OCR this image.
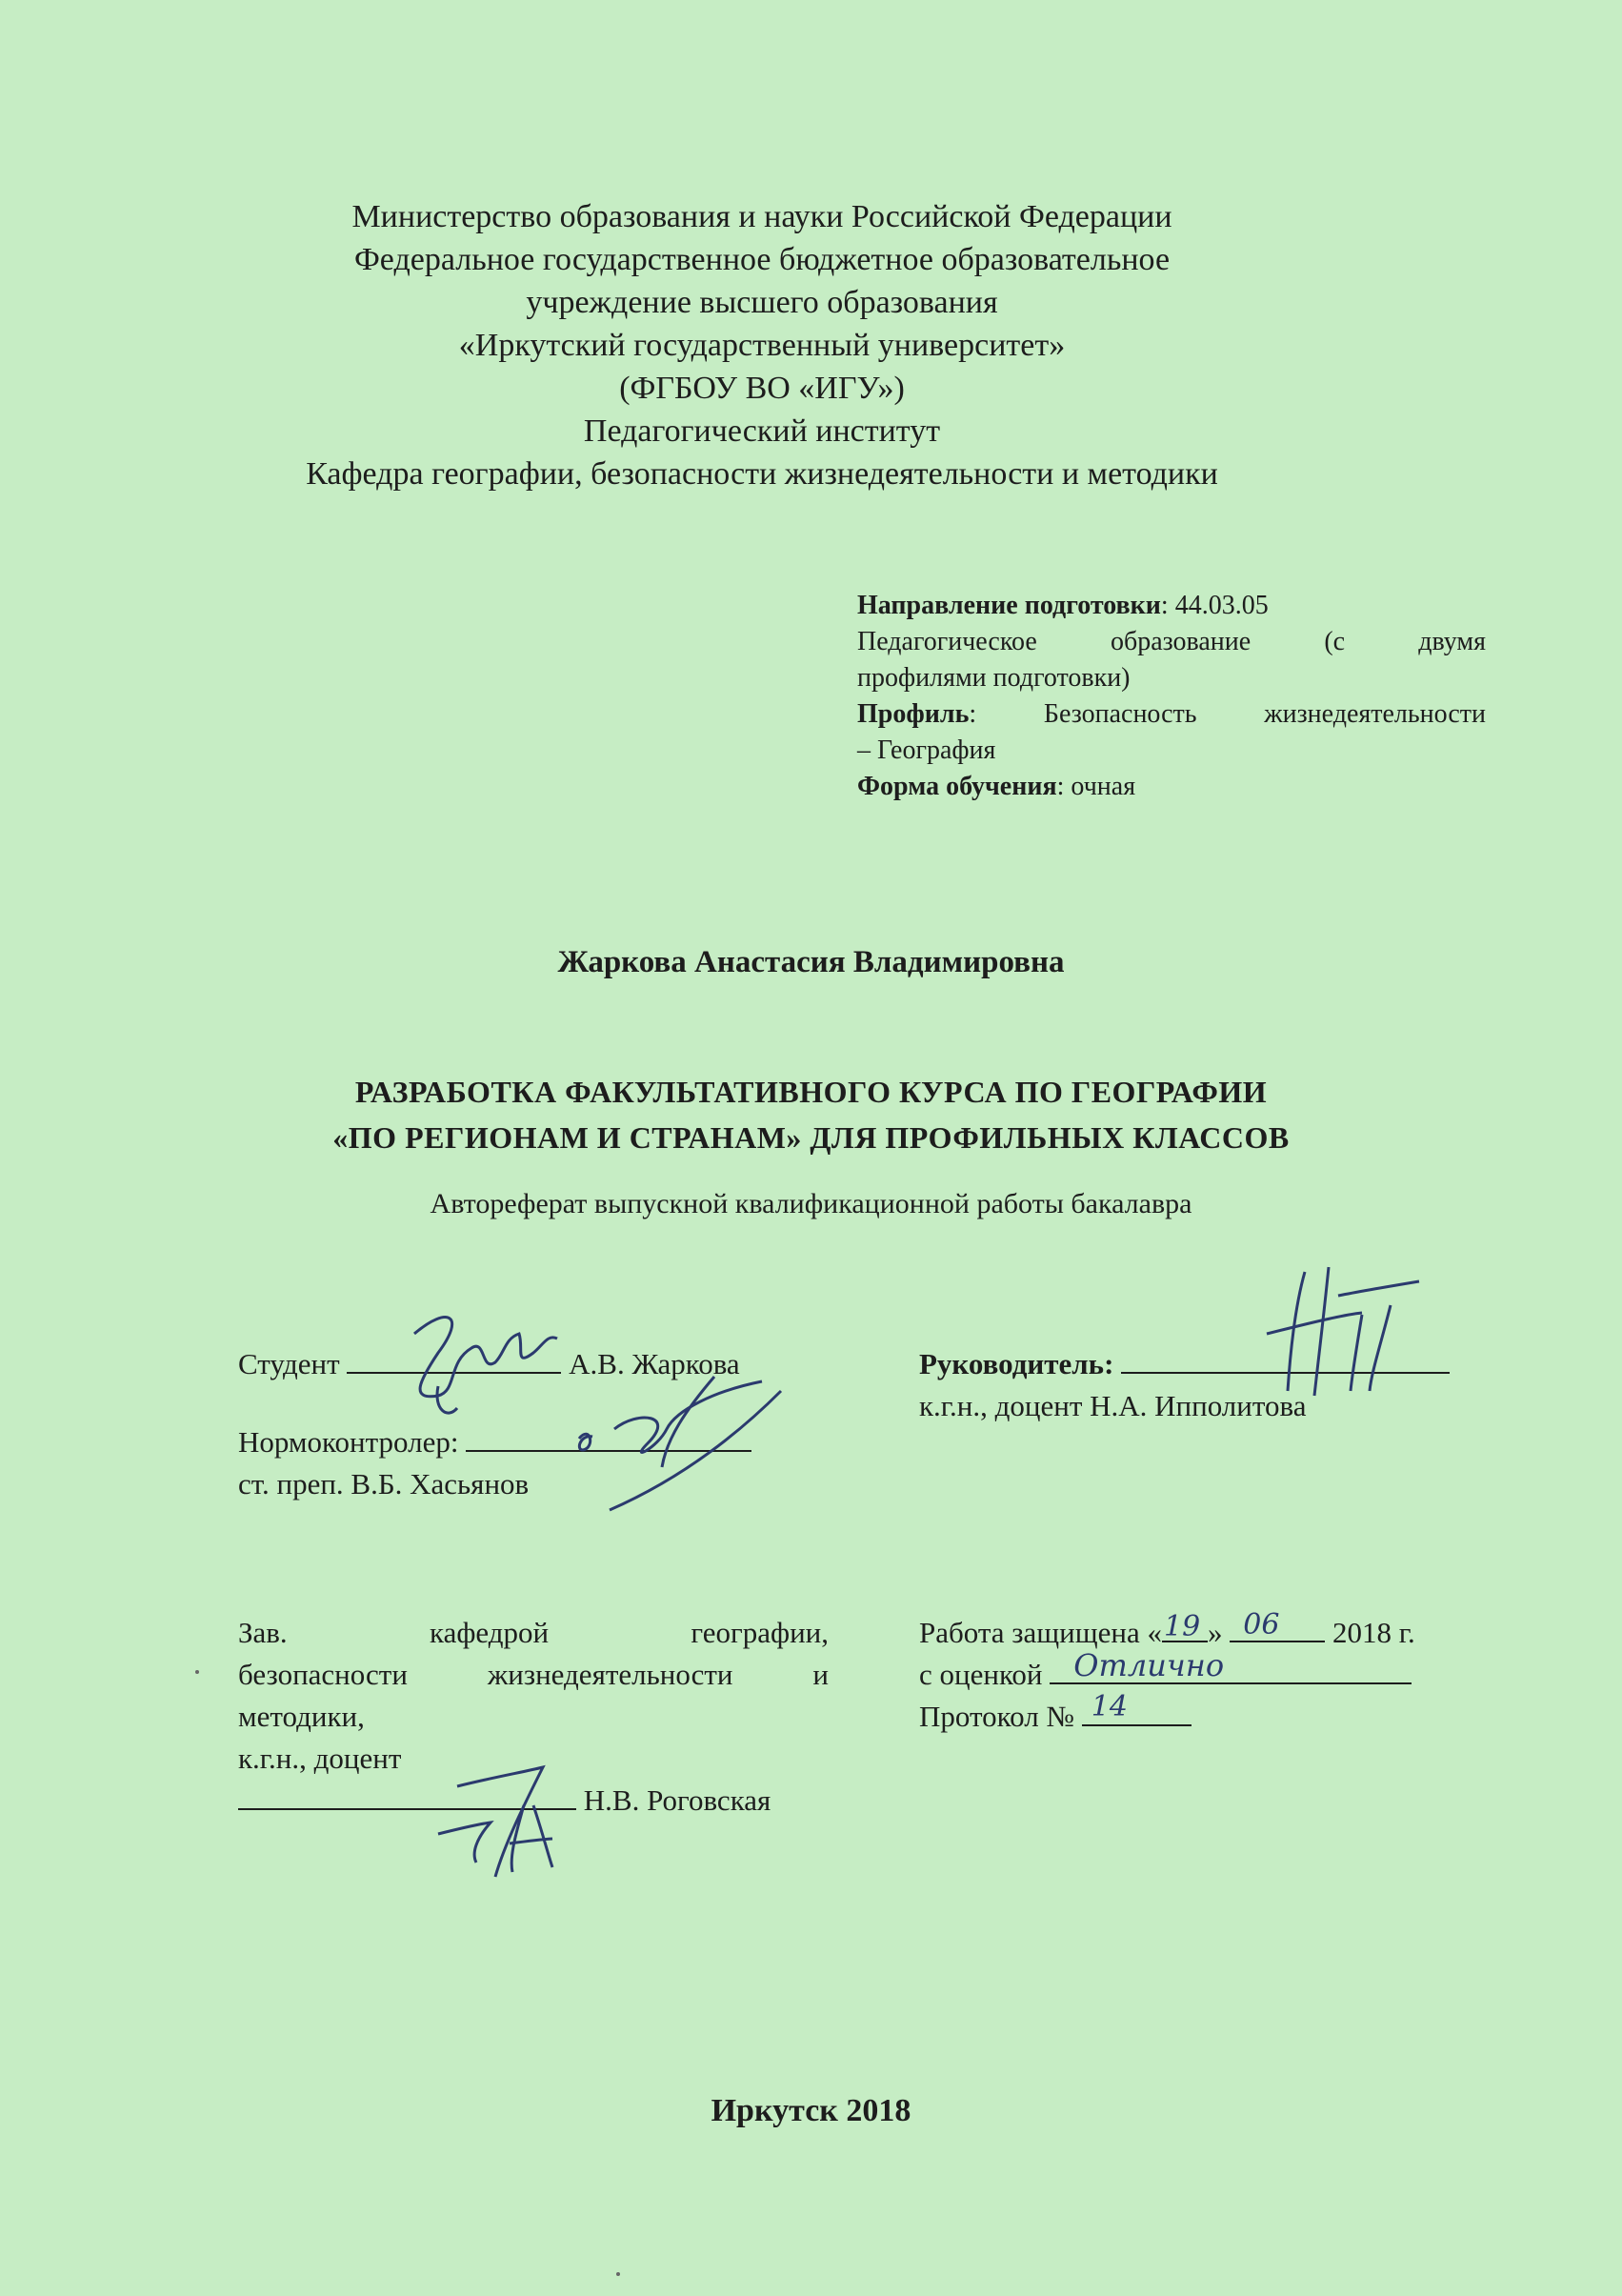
Министерство образования и науки Российской Федерации
Федеральное государственное бюджетное образовательное
учреждение высшего образования
«Иркутский государственный университет»
(ФГБОУ ВО «ИГУ»)
Педагогический институт
Кафедра географии, безопасности жизнедеятельности и методики
Направление подготовки: 44.03.05
Педагогическое образование (с двумя
профилями подготовки)
Профиль: Безопасность жизнедеятельности
– География
Форма обучения: очная
Жаркова Анастасия Владимировна
РАЗРАБОТКА ФАКУЛЬТАТИВНОГО КУРСА ПО ГЕОГРАФИИ
«ПО РЕГИОНАМ И СТРАНАМ» ДЛЯ ПРОФИЛЬНЫХ КЛАССОВ
Автореферат выпускной квалификационной работы бакалавра
Студент	А.В. Жаркова
Нормоконтролер:
ст. преп. В.Б. Хасьянов
Руководитель:
к.г.н., доцент Н.А. Ипполитова
Зав. кафедрой географии,
безопасности жизнедеятельности и
методики,
к.г.н., доцент
Н.В. Роговская
Работа защищена « 19 » 06 2018 г.
с оценкой Отлично
Протокол № 14
Иркутск 2018
